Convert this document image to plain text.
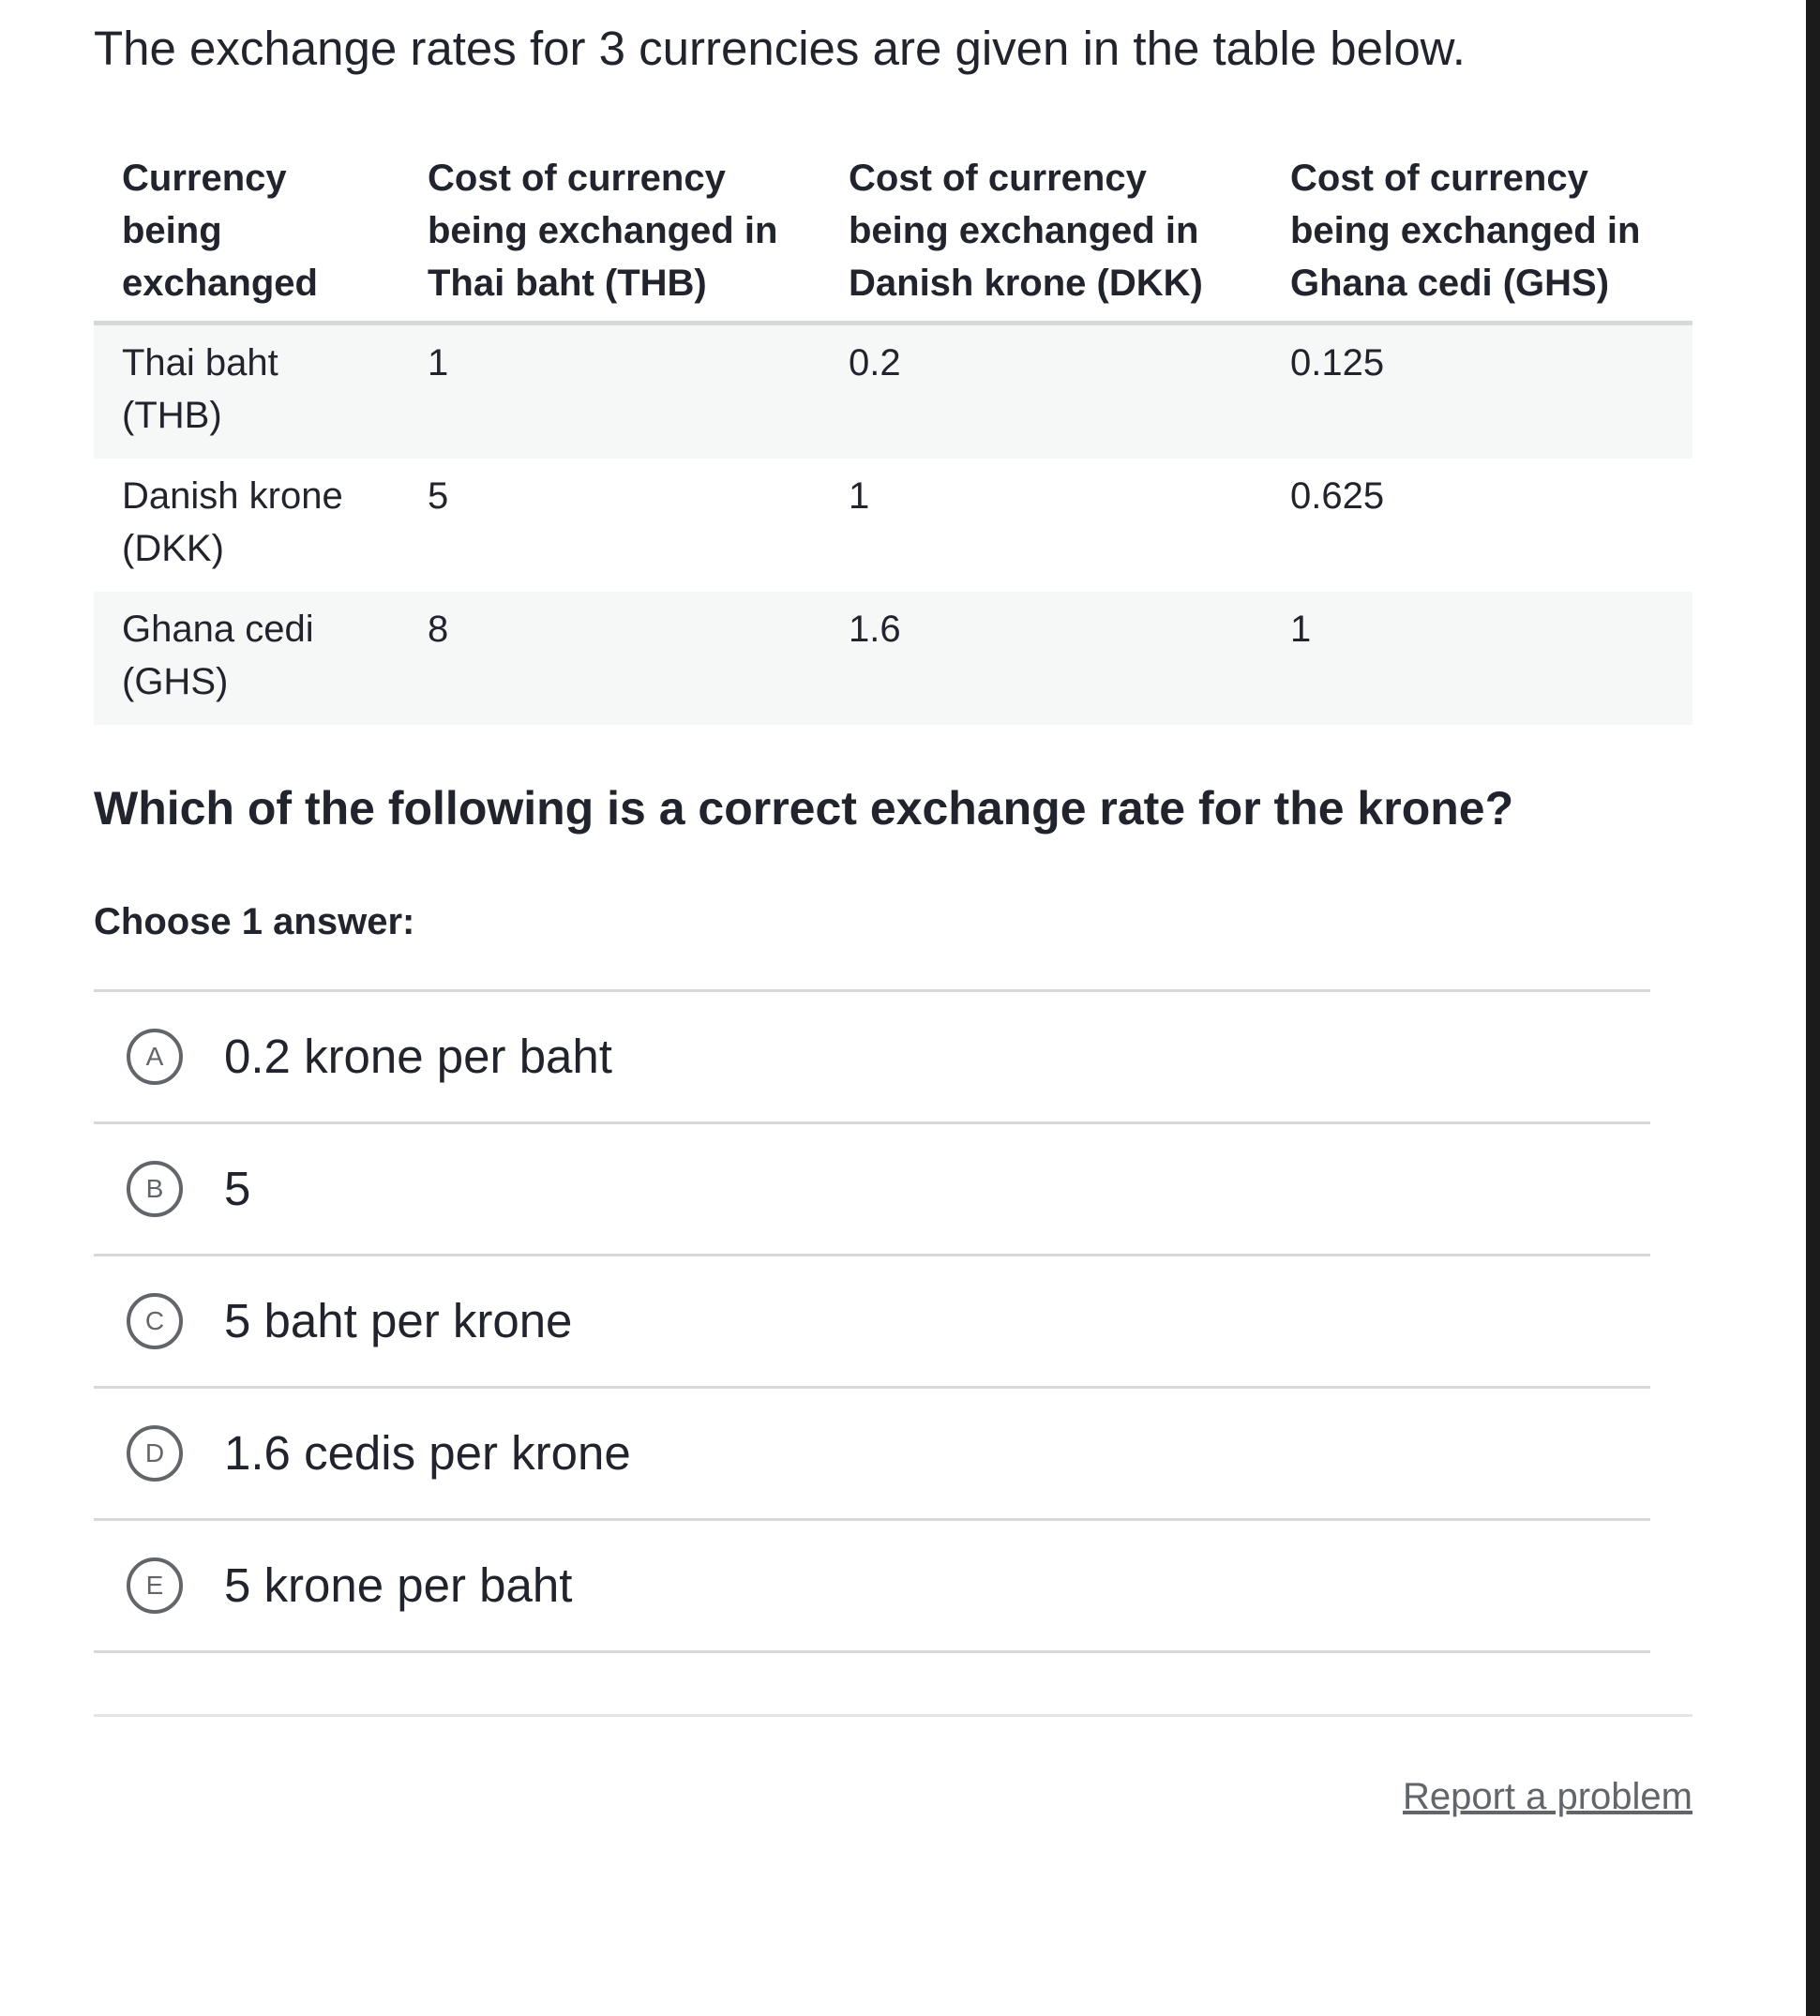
The exchange rates for 3 currencies are given in the table below.

Currency being exchanged	Cost of currency being exchanged in Thai baht (THB)	Cost of currency being exchanged in Danish krone (DKK)	Cost of currency being exchanged in Ghana cedi (GHS)
Thai baht (THB)	1	0.2	0.125
Danish krone (DKK)	5	1	0.625
Ghana cedi (GHS)	8	1.6	1

Which of the following is a correct exchange rate for the krone?

Choose 1 answer:

A	0.2 krone per baht
B	5
C	5 baht per krone
D	1.6 cedis per krone
E	5 krone per baht
Report a problem
